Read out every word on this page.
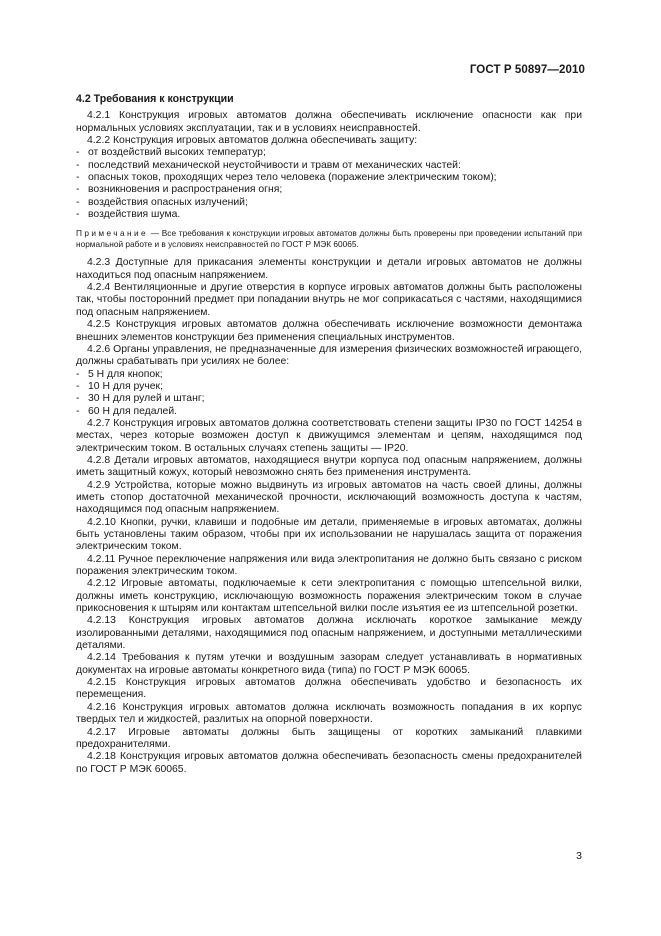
ГОСТ Р 50897—2010
4.2 Требования к конструкции

4.2.1 Конструкция игровых автоматов должна обеспечивать исключение опасности как при нормальных условиях эксплуатации, так и в условиях неисправностей.

4.2.2 Конструкция игровых автоматов должна обеспечивать защиту:

- от воздействий высоких температур;
- последствий механической неустойчивости и травм от механических частей:
- опасных токов, проходящих через тело человека (поражение электрическим током);
- возникновения и распространения огня;
- воздействия опасных излучений;
- воздействия шума.

Примечание — Все требования к конструкции игровых автоматов должны быть проверены при проведении испытаний при нормальной работе и в условиях неисправностей по ГОСТ Р МЭК 60065.

4.2.3 Доступные для прикасания элементы конструкции и детали игровых автоматов не должны находиться под опасным напряжением.

4.2.4 Вентиляционные и другие отверстия в корпусе игровых автоматов должны быть расположены так, чтобы посторонний предмет при попадании внутрь не мог соприкасаться с частями, находящимися под опасным напряжением.

4.2.5 Конструкция игровых автоматов должна обеспечивать исключение возможности демонтажа внешних элементов конструкции без применения специальных инструментов.

4.2.6 Органы управления, не предназначенные для измерения физических возможностей играющего, должны срабатывать при усилиях не более:

- 5 Н для кнопок;
- 10 Н для ручек;
- 30 Н для рулей и штанг;
- 60 Н для педалей.

4.2.7 Конструкция игровых автоматов должна соответствовать степени защиты IP30 по ГОСТ 14254 в местах, через которые возможен доступ к движущимся элементам и цепям, находящимся под электрическим током. В остальных случаях степень защиты — IP20.

4.2.8 Детали игровых автоматов, находящиеся внутри корпуса под опасным напряжением, должны иметь защитный кожух, который невозможно снять без применения инструмента.

4.2.9 Устройства, которые можно выдвинуть из игровых автоматов на часть своей длины, должны иметь стопор достаточной механической прочности, исключающий возможность доступа к частям, находящимся под опасным напряжением.

4.2.10 Кнопки, ручки, клавиши и подобные им детали, применяемые в игровых автоматах, должны быть установлены таким образом, чтобы при их использовании не нарушалась защита от поражения электрическим током.

4.2.11 Ручное переключение напряжения или вида электропитания не должно быть связано с риском поражения электрическим током.

4.2.12 Игровые автоматы, подключаемые к сети электропитания с помощью штепсельной вилки, должны иметь конструкцию, исключающую возможность поражения электрическим током в случае прикосновения к штырям или контактам штепсельной вилки после изъятия ее из штепсельной розетки.

4.2.13 Конструкция игровых автоматов должна исключать короткое замыкание между изолированными деталями, находящимися под опасным напряжением, и доступными металлическими деталями.

4.2.14 Требования к путям утечки и воздушным зазорам следует устанавливать в нормативных документах на игровые автоматы конкретного вида (типа) по ГОСТ Р МЭК 60065.

4.2.15 Конструкция игровых автоматов должна обеспечивать удобство и безопасность их перемещения.

4.2.16 Конструкция игровых автоматов должна исключать возможность попадания в их корпус твердых тел и жидкостей, разлитых на опорной поверхности.

4.2.17 Игровые автоматы должны быть защищены от коротких замыканий плавкими предохранителями.

4.2.18 Конструкция игровых автоматов должна обеспечивать безопасность смены предохранителей по ГОСТ Р МЭК 60065.

3
